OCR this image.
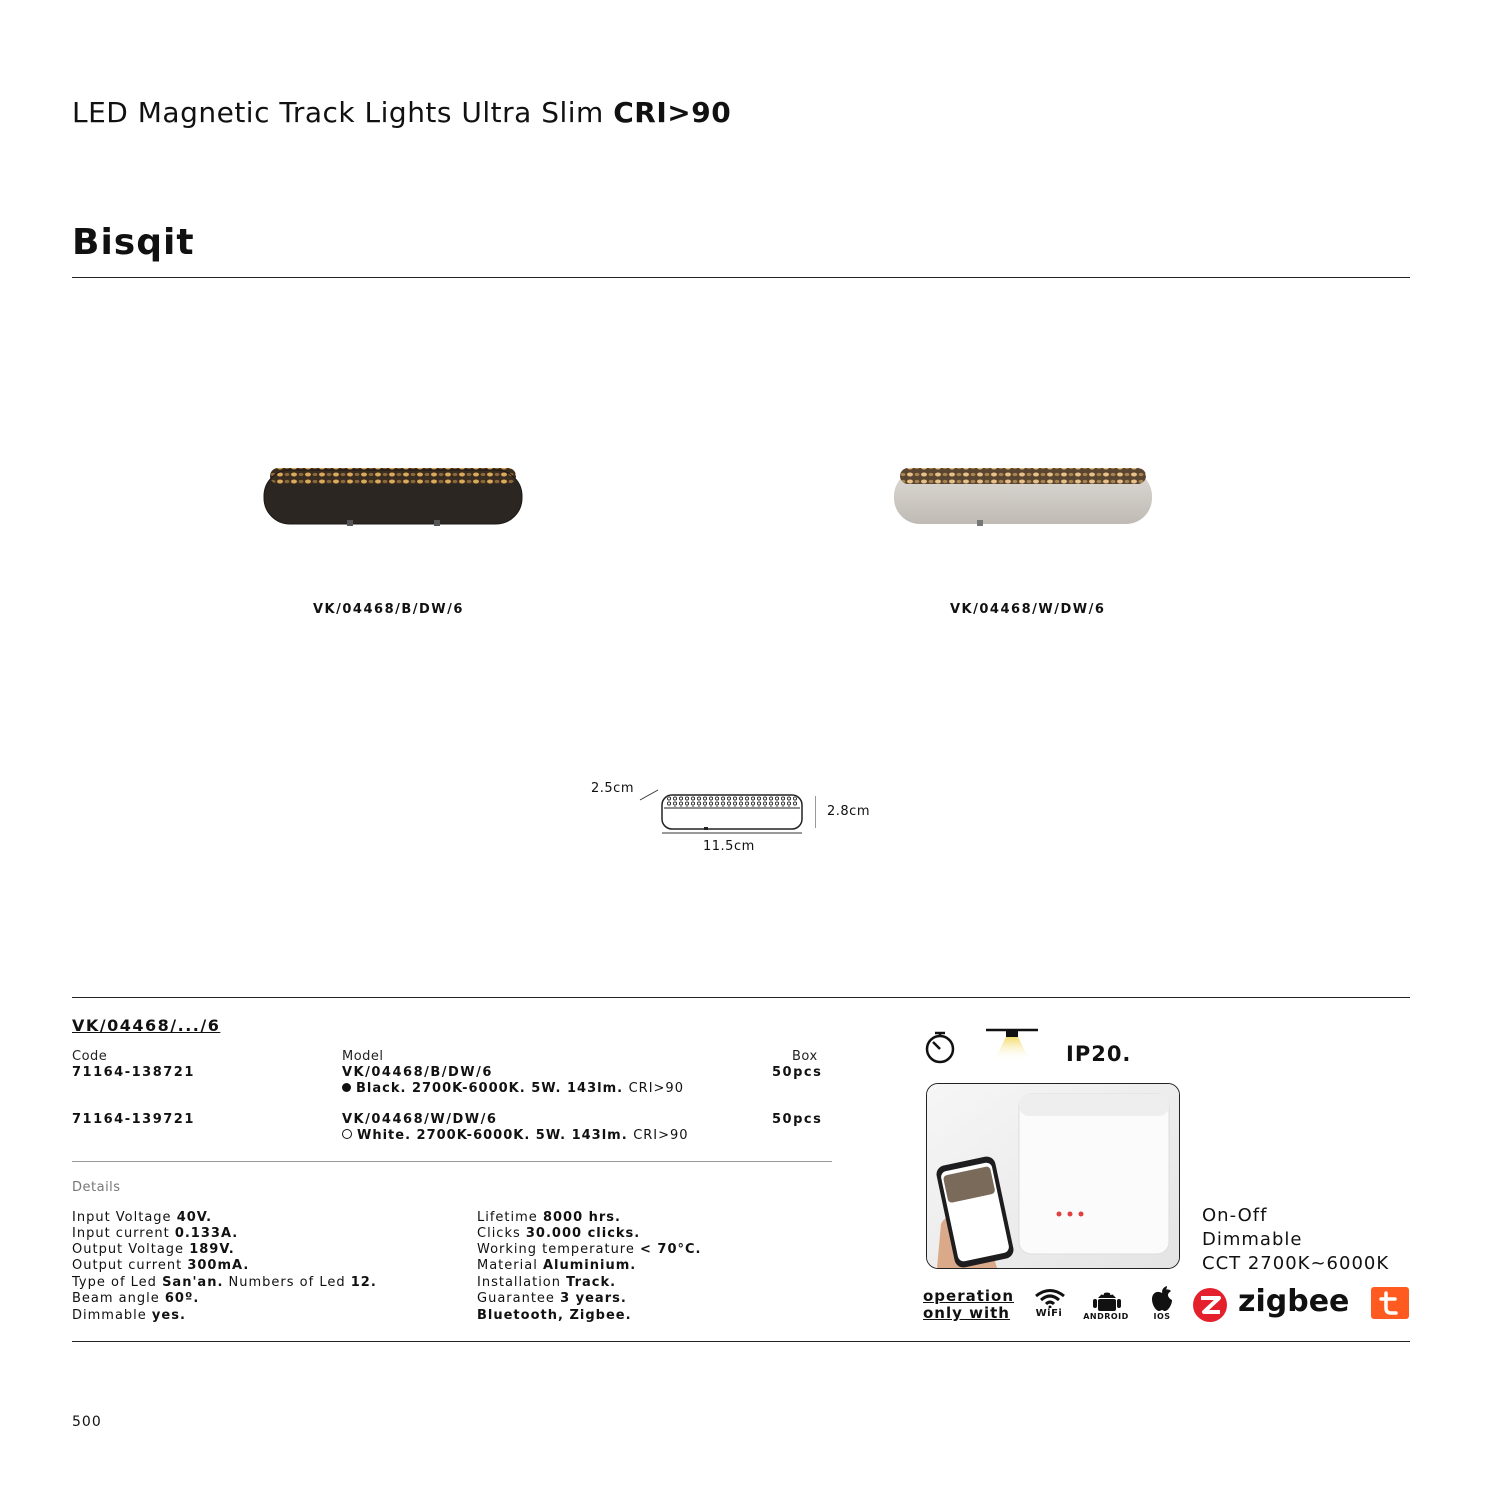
LED Magnetic Track Lights Ultra Slim CRI>90
Bisqit
VK/04468/B/DW/6	VK/04468/W/DW/6
2.5cm
2.8cm
11.5cm
VK/04468/.../6
Code	Model	Box
71164-138721	VK/04468/B/DW/6	50pcs
Black. 2700K-6000K. 5W. 143lm. CRI>90
71164-139721	VK/04468/W/DW/6	50pcs
White. 2700K-6000K. 5W. 143lm. CRI>90
Details
Input Voltage 40V.
Input current 0.133A.
Output Voltage 189V.
Output current 300mA.
Type of Led San'an. Numbers of Led 12.
Beam angle 60º.
Dimmable yes.
Lifetime 8000 hrs.
Clicks 30.000 clicks.
Working temperature < 70°C.
Material Aluminium.
Installation Track.
Guarantee 3 years.
Bluetooth, Zigbee.
IP20.
On-Off
Dimmable
CCT 2700K~6000K
operation
only with	WiFi	ANDROID	IOS zigbee
500
